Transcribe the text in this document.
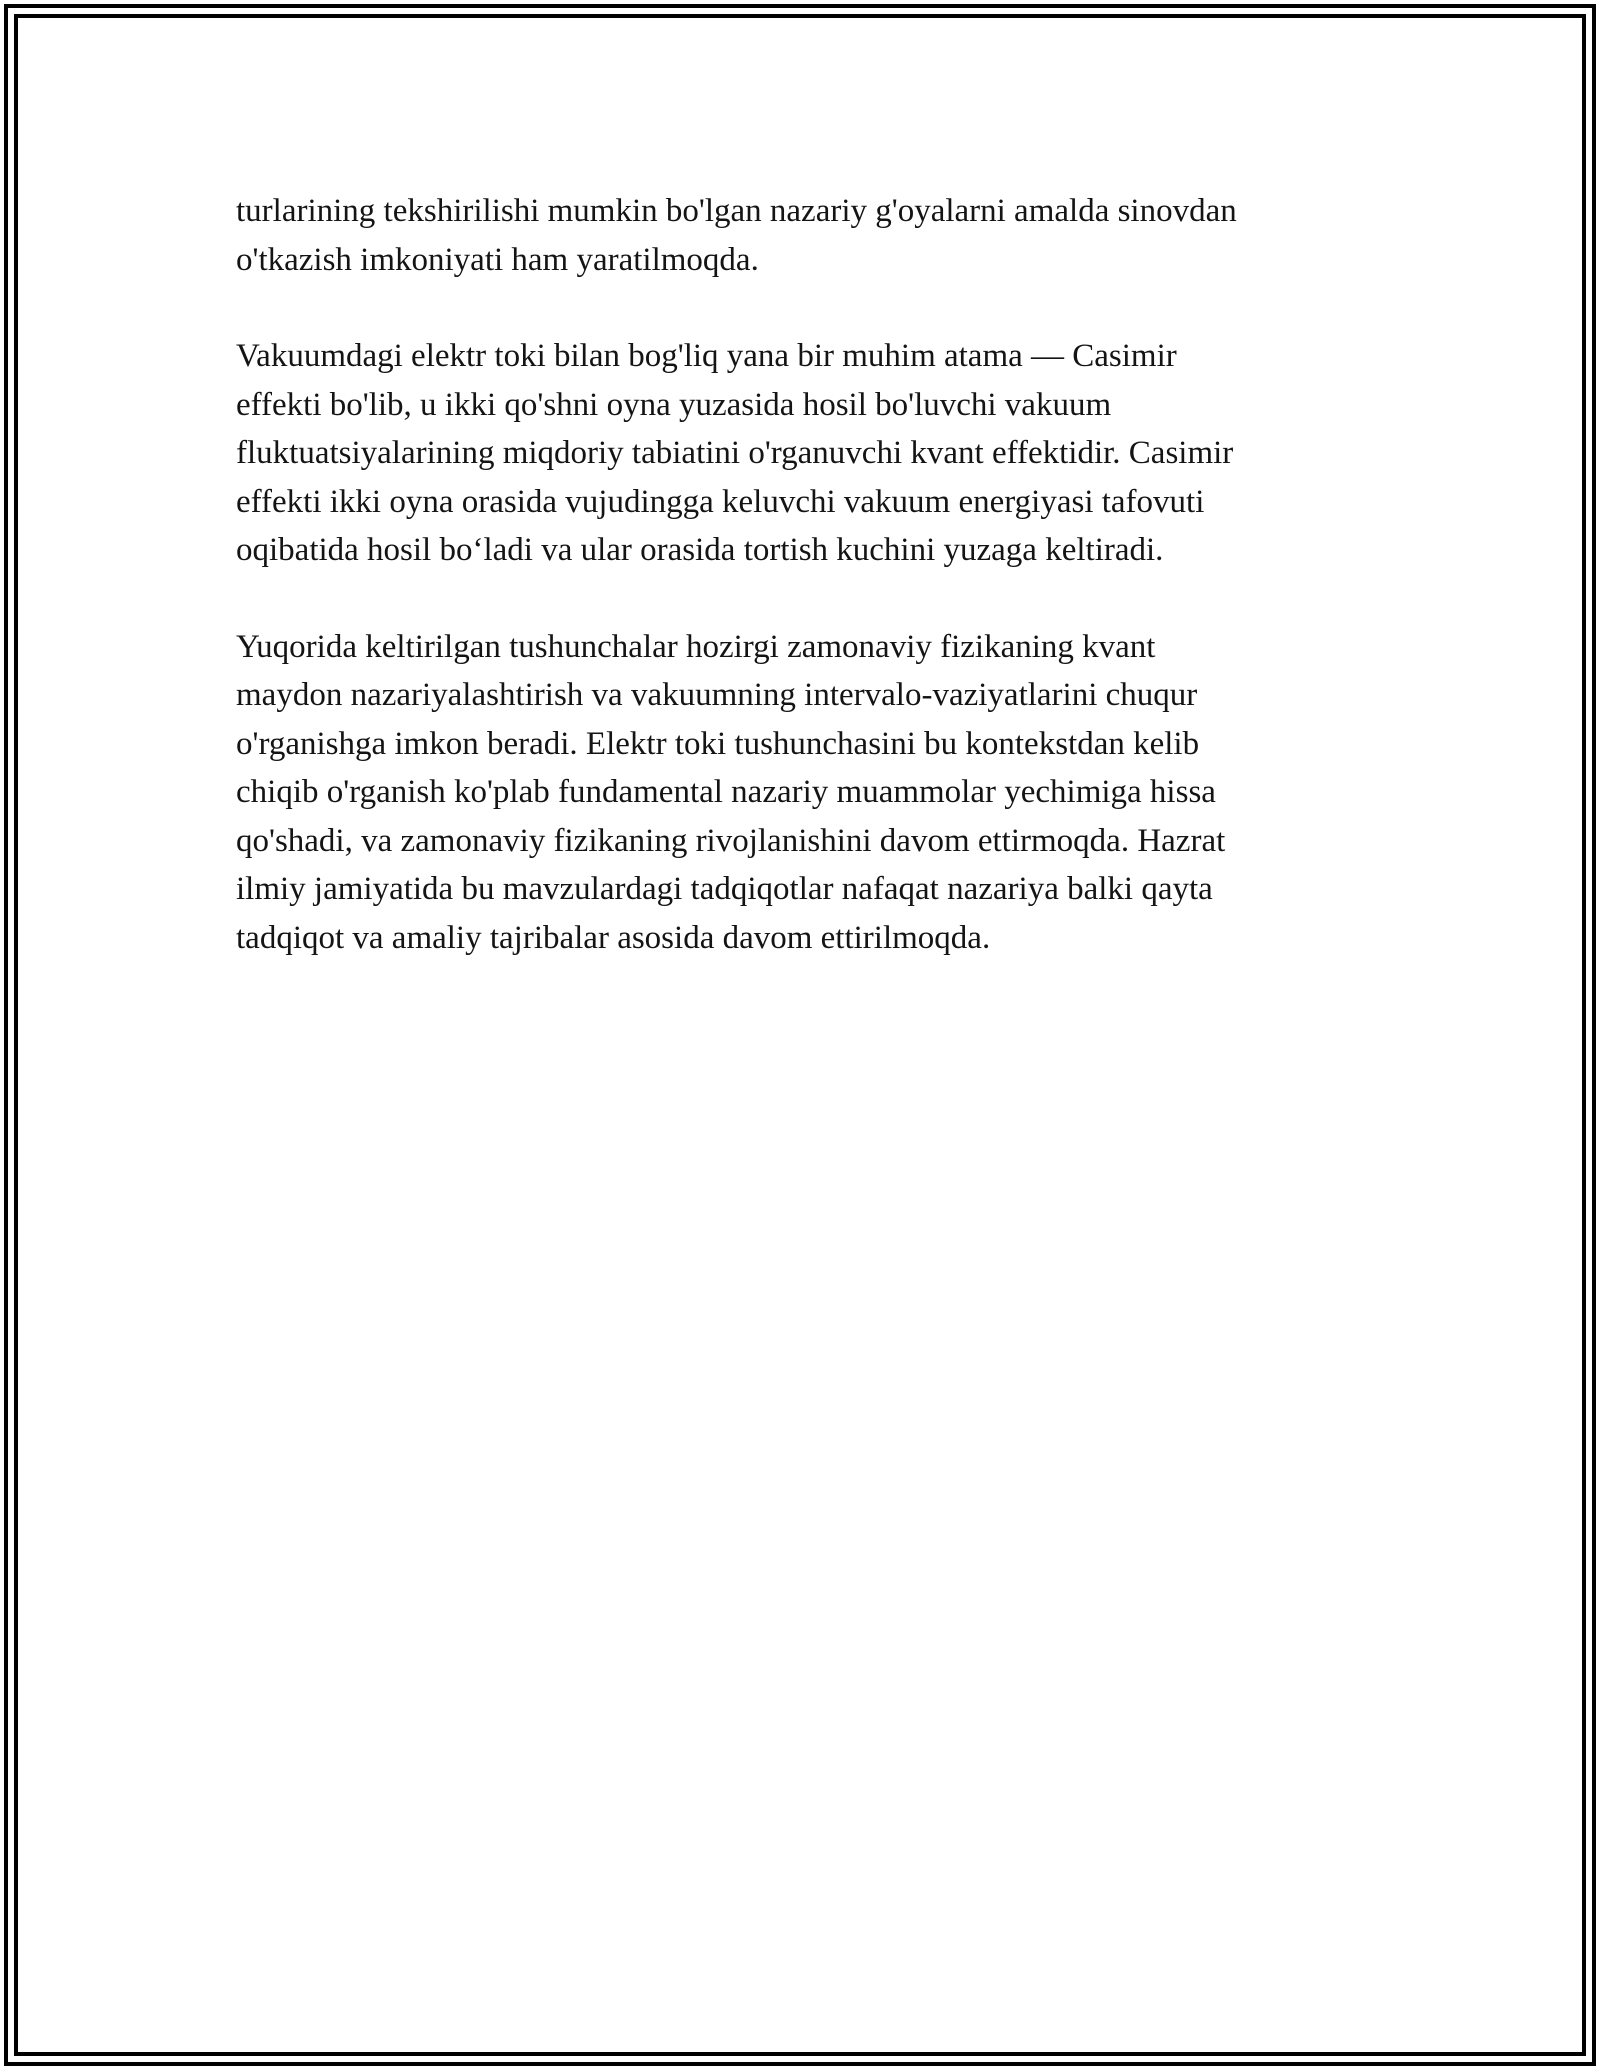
turlarining tekshirilishi mumkin bo'lgan nazariy g'oyalarni amalda sinovdan
o'tkazish imkoniyati ham yaratilmoqda.

Vakuumdagi elektr toki bilan bog'liq yana bir muhim atama — Casimir
effekti bo'lib, u ikki qo'shni oyna yuzasida hosil bo'luvchi vakuum
fluktuatsiyalarining miqdoriy tabiatini o'rganuvchi kvant effektidir. Casimir
effekti ikki oyna orasida vujudingga keluvchi vakuum energiyasi tafovuti
oqibatida hosil bo‘ladi va ular orasida tortish kuchini yuzaga keltiradi.

Yuqorida keltirilgan tushunchalar hozirgi zamonaviy fizikaning kvant
maydon nazariyalashtirish va vakuumning intervalo-vaziyatlarini chuqur
o'rganishga imkon beradi. Elektr toki tushunchasini bu kontekstdan kelib
chiqib o'rganish ko'plab fundamental nazariy muammolar yechimiga hissa
qo'shadi, va zamonaviy fizikaning rivojlanishini davom ettirmoqda. Hazrat
ilmiy jamiyatida bu mavzulardagi tadqiqotlar nafaqat nazariya balki qayta
tadqiqot va amaliy tajribalar asosida davom ettirilmoqda.
